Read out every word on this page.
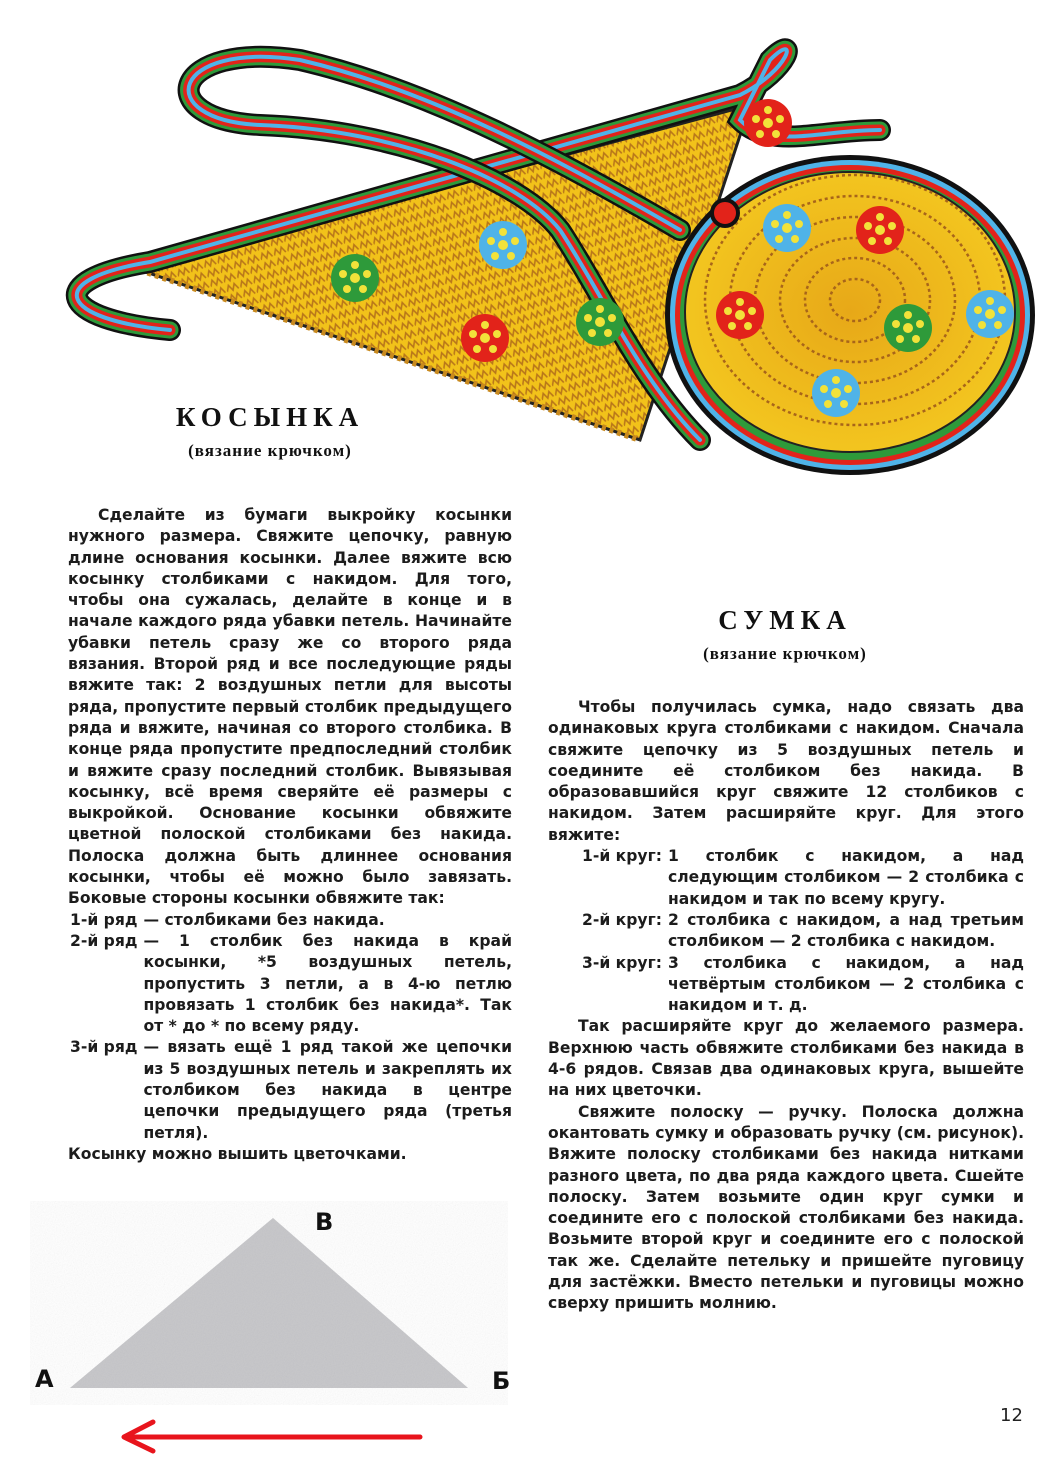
КОСЫНКА
(вязание крючком)

Сделайте из бумаги выкройку косынки нужного размера. Свяжите цепочку, равную длине основания косынки. Далее вяжите всю косынку столбиками с накидом. Для того, чтобы она сужалась, делайте в конце и в начале каждого ряда убавки петель. Начинайте убавки петель сразу же со второго ряда вязания. Второй ряд и все последующие ряды вяжите так: 2 воздушных петли для высоты ряда, пропустите первый столбик предыдущего ряда и вяжите, начиная со второго столбика. В конце ряда пропустите предпоследний столбик и вяжите сразу последний столбик. Вывязывая косынку, всё время сверяйте её размеры с выкройкой. Основание косынки обвяжите цветной полоской столбиками без накида. Полоска должна быть длиннее основания косынки, чтобы её можно было завязать. Боковые стороны косынки обвяжите так:

1-й ряд — столбиками без накида.
2-й ряд — 1 столбик без накида в край косынки, *5 воздушных петель, пропустить 3 петли, а в 4-ю петлю провязать 1 столбик без накида*. Так от * до * по всему ряду.
3-й ряд — вязать ещё 1 ряд такой же цепочки из 5 воздушных петель и закреплять их столбиком без накида в центре цепочки предыдущего ряда (третья петля).

Косынку можно вышить цветочками.

СУМКА
(вязание крючком)

Чтобы получилась сумка, надо связать два одинаковых круга столбиками с накидом. Сначала свяжите цепочку из 5 воздушных петель и соедините её столбиком без накида. В образовавшийся круг свяжите 12 столбиков с накидом. Затем расширяйте круг. Для этого вяжите:

1-й круг: 1 столбик с накидом, а над следующим столбиком — 2 столбика с накидом и так по всему кругу.
2-й круг: 2 столбика с накидом, а над третьим столбиком — 2 столбика с накидом.
3-й круг: 3 столбика с накидом, а над четвёртым столбиком — 2 столбика с накидом и т. д.

Так расширяйте круг до желаемого размера. Верхнюю часть обвяжите столбиками без накида в 4-6 рядов. Связав два одинаковых круга, вышейте на них цветочки.

Свяжите полоску — ручку. Полоска должна окантовать сумку и образовать ручку (см. рисунок). Вяжите полоску столбиками без накида нитками разного цвета, по два ряда каждого цвета. Сшейте полоску. Затем возьмите один круг сумки и соедините его с полоской столбиками без накида. Возьмите второй круг и соедините его с полоской так же. Сделайте петельку и пришейте пуговицу для застёжки. Вместо петельки и пуговицы можно сверху пришить молнию.

А	Б
В
12
